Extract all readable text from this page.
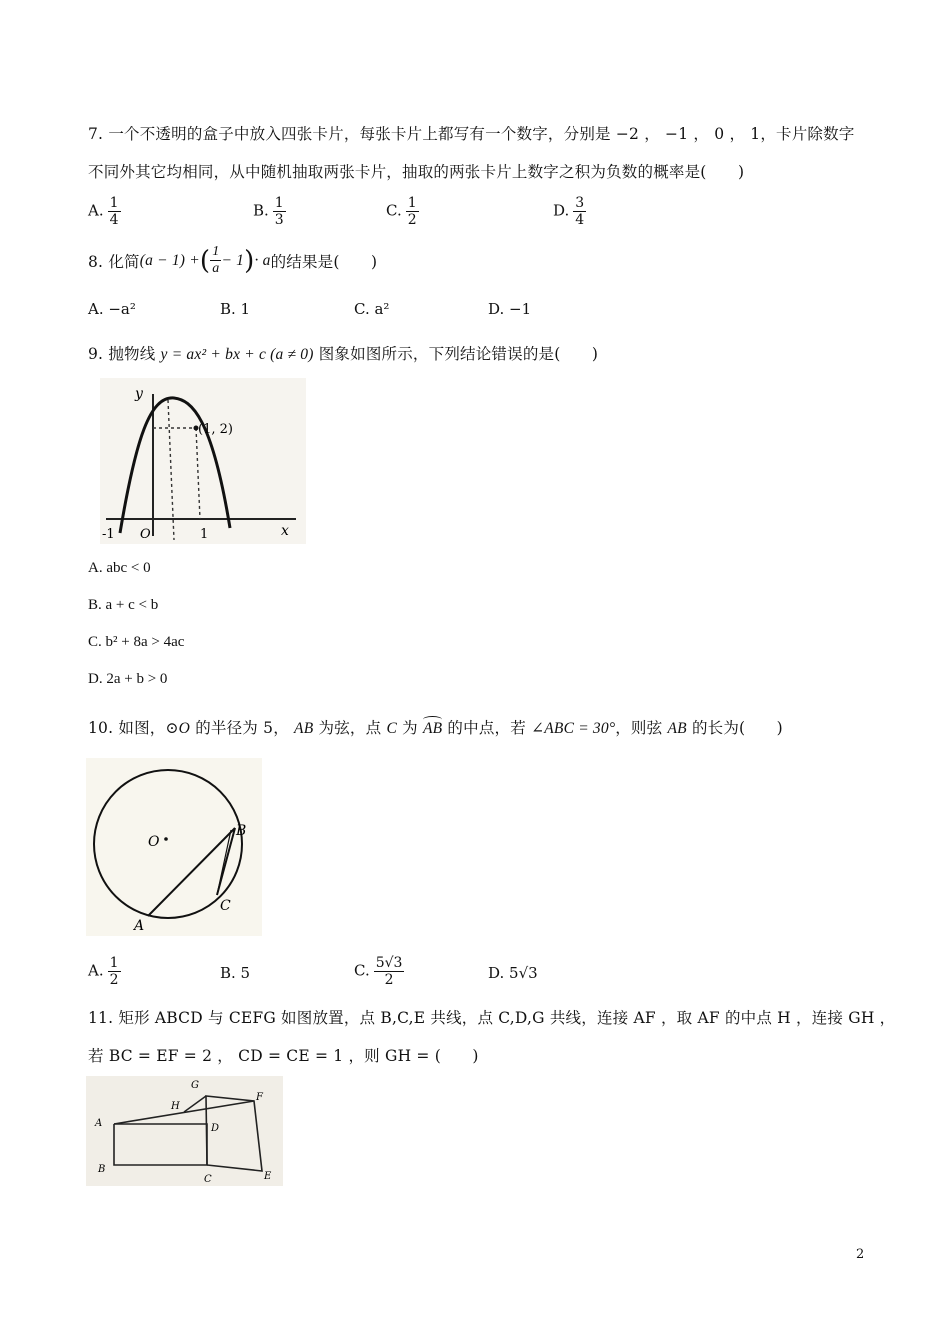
7. 一个不透明的盒子中放入四张卡片，每张卡片上都写有一个数字，分别是 −2 ， −1 ， 0 ， 1，卡片除数字
不同外其它均相同，从中随机抽取两张卡片，抽取的两张卡片上数字之积为负数的概率是(　　)
A. $\frac{1}{4}$	B. $\frac{1}{3}$	C. $\frac{1}{2}$	D. $\frac{3}{4}$
8. 化简 (a − 1) + ( $\frac{1}{a} - 1$ ) · a 的结果是(　　)
A. −a²	B. 1	C. a²	D. −1
9. 抛物线 y = ax² + bx + c (a ≠ 0) 图象如图所示，下列结论错误的是(　　)
y
x
(1, 2)
-1 O	1
A. abc < 0
B. a + c < b
C. b² + 8a > 4ac
D. 2a + b > 0
10. 如图，⊙O 的半径为 5， AB 为弦，点 C 为
AB 的中点，若 ∠ABC = 30°，则弦 AB 的长为(　　)
O
A
B
C
A. $\frac{1}{2}$	B. 5	C. $\frac{5√3}{2}$	D. 5√3
11. 矩形 ABCD 与 CEFG 如图放置，点 B,C,E 共线，点 C,D,G 共线，连接 AF ，取 AF 的中点 H ，连接 GH ，
若 BC = EF = 2 ， CD = CE = 1 ，则 GH = (　　)
A
B
C
D
E
F
G
H
2
